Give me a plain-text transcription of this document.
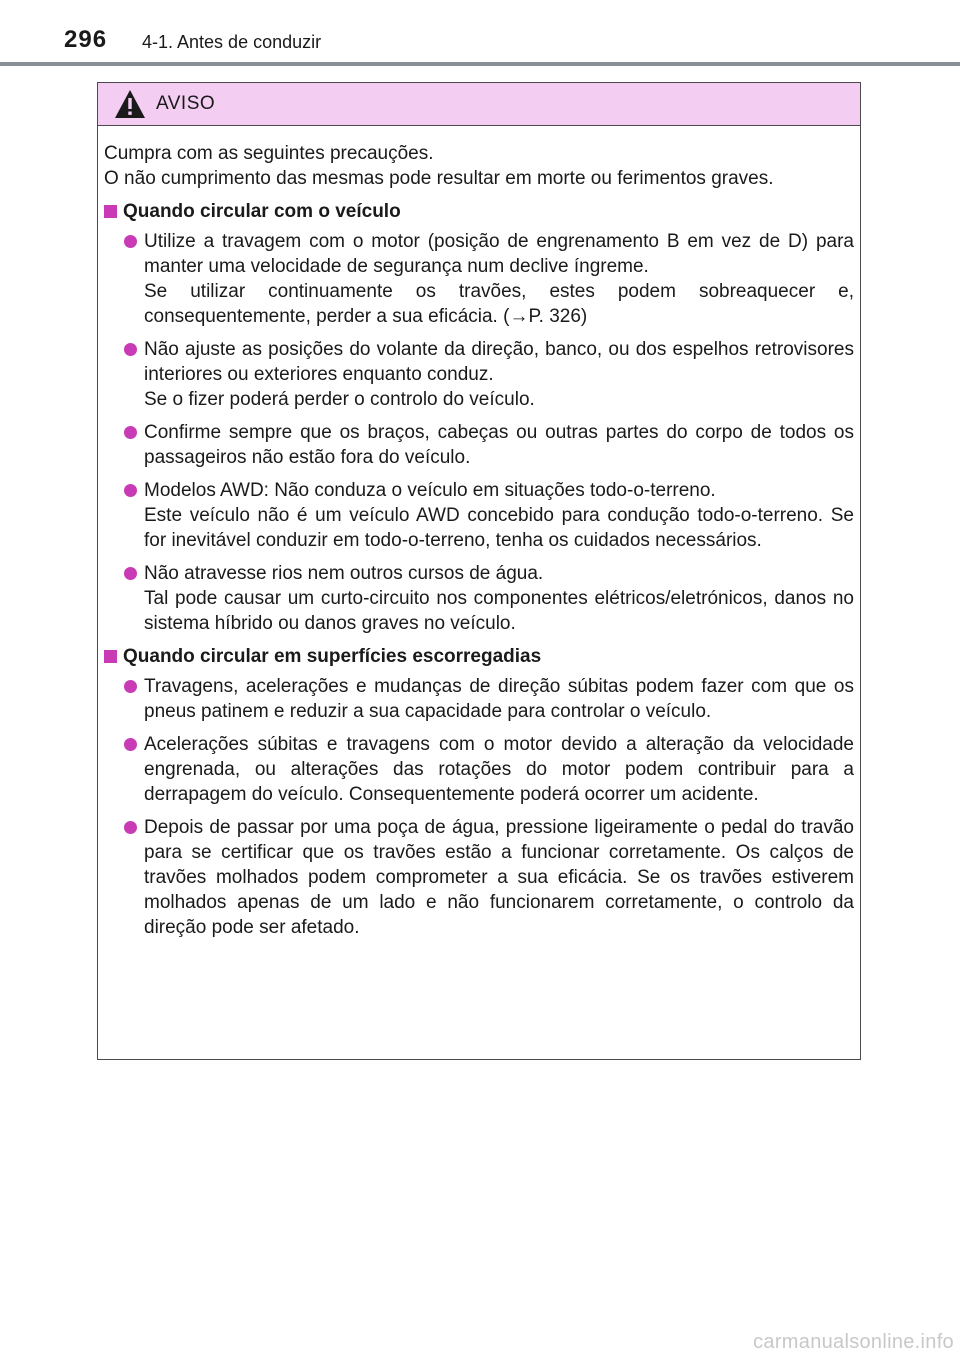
296 4-1. Antes de conduzir
AVISO

Cumpra com as seguintes precauções.

O não cumprimento das mesmas pode resultar em morte ou ferimentos graves.

Quando circular com o veículo

Utilize a travagem com o motor (posição de engrenamento B em vez de D) para manter uma velocidade de segurança num declive íngreme.

Se utilizar continuamente os travões, estes podem sobreaquecer e, consequentemente, perder a sua eficácia. (→P. 326)

Não ajuste as posições do volante da direção, banco, ou dos espelhos retrovisores interiores ou exteriores enquanto conduz.

Se o fizer poderá perder o controlo do veículo.

Confirme sempre que os braços, cabeças ou outras partes do corpo de todos os passageiros não estão fora do veículo.

Modelos AWD: Não conduza o veículo em situações todo-o-terreno.

Este veículo não é um veículo AWD concebido para condução todo-o-terreno. Se for inevitável conduzir em todo-o-terreno, tenha os cuidados necessários.

Não atravesse rios nem outros cursos de água.

Tal pode causar um curto-circuito nos componentes elétricos/eletrónicos, danos no sistema híbrido ou danos graves no veículo.

Quando circular em superfícies escorregadias

Travagens, acelerações e mudanças de direção súbitas podem fazer com que os pneus patinem e reduzir a sua capacidade para controlar o veículo.

Acelerações súbitas e travagens com o motor devido a alteração da velocidade engrenada, ou alterações das rotações do motor podem contribuir para a derrapagem do veículo. Consequentemente poderá ocorrer um acidente.

Depois de passar por uma poça de água, pressione ligeiramente o pedal do travão para se certificar que os travões estão a funcionar corretamente. Os calços de travões molhados podem comprometer a sua eficácia. Se os travões estiverem molhados apenas de um lado e não funcionarem corretamente, o controlo da direção pode ser afetado.

carmanualsonline.info
